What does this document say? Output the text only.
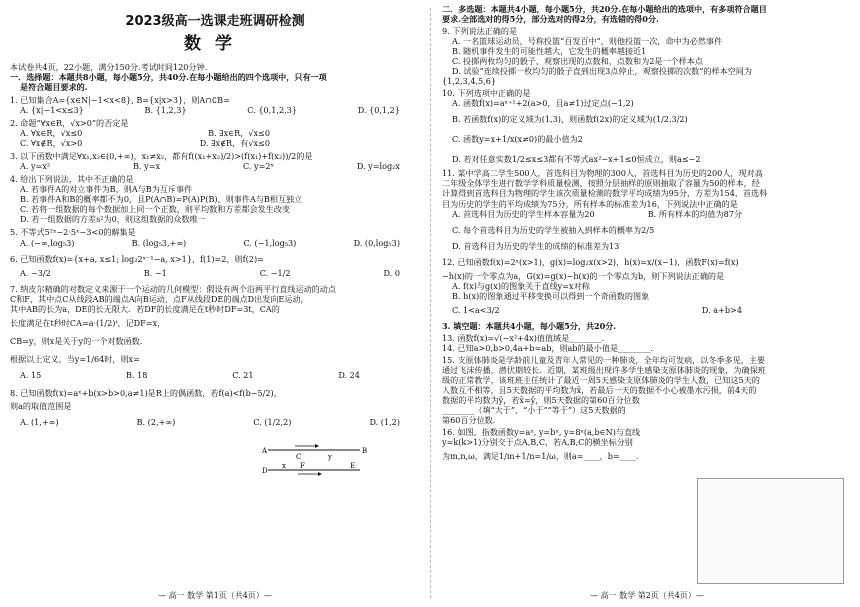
2023级高一选课走班调研检测
数学
本试卷共4页，22小题，满分150分.考试时间120分钟.
一．选择题：本题共8小题，每小题5分，共40分.在每小题给出的四个选项中，只有一项
是符合题目要求的.
1. 已知集合A={x∈N|−1<x<8}, B={x|x>3}，则A∩∁B=
A. {x|−1<x≤3}	B. {1,2,3}	C. {0,1,2,3}	D. {0,1,2}
2. 命题“∀x∈R，√x>0”的否定是
A. ∀x∈R，√x≤0	B. ∃x∈R，√x≤0
C. ∀x∉R，√x>0	D. ∃x∉R，有√x≤0
3. 以下函数中满足∀x₁,x₂∈(0,+∞)，x₁≠x₂，都有f((x₁+x₂)/2)>(f(x₁)+f(x₂))/2的是
A. y=x²	B. y=x	C. y=2ˣ	D. y=log₂x
4. 给出下列说法，其中不正确的是
A. 若事件A的对立事件为B，则A与B为互斥事件
B. 若事件A和B的概率都不为0，且P(A∩B)=P(A)P(B)，则事件A与B相互独立
C. 若将一组数据的每个数据加上同一个正数，则平均数和方差都会发生改变
D. 若一组数据的方差s²为0，则这组数据的众数唯一
5. 不等式5²ˣ−2·5ˣ−3<0的解集是
A. (−∞,log₅3)	B. (log₅3,+∞)	C. (−1,log₅3)	D. (0,log₅3)
6. 已知函数f(x)={x+a, x≤1; log₂2ˣ⁻¹−a, x>1}，f(1)=2，则f(2)=
A. −3/2	B. −1	C. −1/2	D. 0
7. 纳皮尔精确的对数定义来源于一个运动的几何模型：假设有两个沿两平行直线运动的动点
C和F，其中点C从线段AB的端点A向B运动，点F从线段DE的端点D出发向E运动，
其中AB的长为a，DE的长无限大．若DF的长度满足在t秒时DF=3t，CA的
长度满足在t秒时CA=a·(1/2)ᵗ，记DF=x，
CB=y，则x是关于y的一个对数函数.
根据以上定义，当y=1/64时，则x=
A. 15	B. 18	C. 21	D. 24
8. 已知函数f(x)=aˣ+b(x>b>0,a≠1)是R上的偶函数，若f(a)<f(b−5/2)，
则a的取值范围是
A. (1,+∞)	B. (2,+∞)	C. (1/2,2)	D. (1,2)
A
C	y
B
D
x F	E
— 高一 数学 第1页（共4页）—
二．多选题：本题共4小题，每小题5分，共20分.在每小题给出的选项中，有多项符合题目
要求.全部选对的得5分，部分选对的得2分，有选错的得0分.
9. 下列说法正确的是
A. 一名篮球运动员，号称投篮“百发百中”，则他投篮一次，命中为必然事件
B. 随机事件发生的可能性越大，它发生的概率越接近1
C. 投掷两枚均匀的骰子，观察出现的点数和，点数和为2是一个样本点
D. 试验“连续投掷一枚均匀的骰子直到出现3点停止，观察投掷的次数”的样本空间为
{1,2,3,4,5,6}
10. 下列选项中正确的是
A. 函数f(x)=aˣ⁺¹+2(a>0，且a≠1)过定点(−1,2)
B. 若函数f(x)的定义域为(1,3)，则函数f(2x)的定义域为(1/2,3/2)
C. 函数y=x+1/x(x≠0)的最小值为2
D. 若对任意实数1/2≤x≤3都有不等式ax²−x+1≤0恒成立，则a≤−2
11. 某中学高二学生500人，首选科目为物理的300人，首选科目为历史的200人，现对高
二年级全体学生进行数学学科质量检测，按照分层抽样的原则抽取了容量为50的样本，经
计算得到首选科目为物理的学生该次质量检测的数学平均成绩为95分，方差为154，首选科
目为历史的学生的平均成绩为75分，所有样本的标准差为16，下列说法中正确的是
A. 首选科目为历史的学生样本容量为20	B. 所有样本的均值为87分
C. 每个首选科目为历史的学生被抽入到样本的概率为2/5
D. 首选科目为历史的学生的成绩的标准差为13
12. 已知函数f(x)=2ˣ(x>1)，g(x)=log₂x(x>2)，h(x)=x/(x−1)，函数F(x)=f(x)
−h(x)的一个零点为a，G(x)=g(x)−h(x)的一个零点为b，则下列说法正确的是
A. f(x)与g(x)的图象关于直线y=x对称
B. h(x)的图象通过平移变换可以得到一个奇函数的图象
C. 1<a<3/2	D. a+b>4
3. 填空题：本题共4小题，每小题5分，共20分.
13. 函数f(x)=√(−x²+4x)值值域是________.
14. 已知a>0,b>0,4a+b=ab，则ab的最小值是________.
15. 支原体肺炎是学龄前儿童及青年人常见的一种肺炎，全年均可发病，以冬季多见，主要
通过飞沫传播，潜伏期较长．近期，某班级出现许多学生感染支原体肺炎的现象，为确保班
级的正常教学，该班班主任统计了最近一周5天感染支原体肺炎的学生人数，已知这5天的
人数互不相等，且5天数据的平均数为x̄，若最后一天的数据不小心被墨水污损，前4天的
数据的平均数为ȳ，若x̄=ȳ，则5天数据的第60百分位数
________（填“大于”、“小于”“等于”）这5天数据的
第60百分位数.
16. 如图，指数函数y=aˣ, y=bˣ, y=8ˣ(a,b∈N)与直线
y=k(k>1)分别交于点A,B,C，若A,B,C的横坐标分别
为m,n,ω，满足1/m+1/n=1/ω，则a=____，b=____.
— 高一 数学 第2页（共4页）—
